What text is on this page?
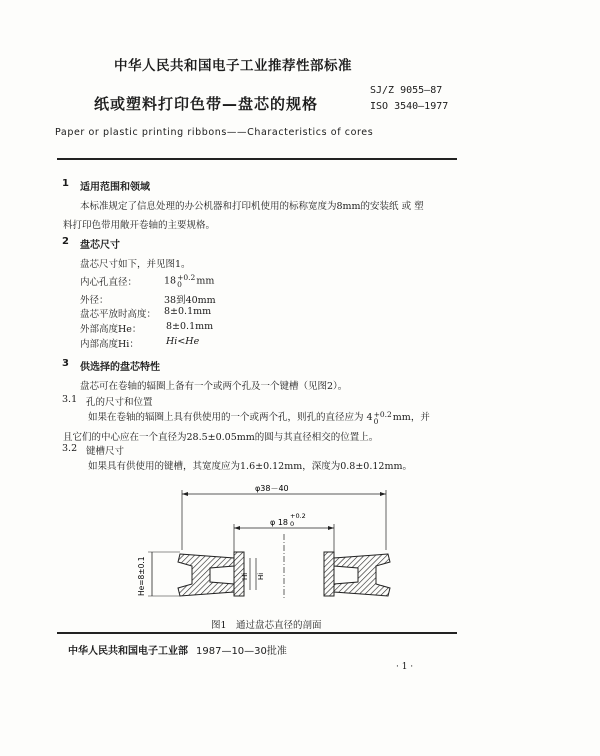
中华人民共和国电子工业推荐性部标准
纸或塑料打印色带—盘芯的规格
SJ/Z 9055—87
ISO 3540—1977
Paper or plastic printing ribbons——Characteristics of cores
1 适用范围和领域
本标准规定了信息处理的办公机器和打印机使用的标称宽度为8mm的安装纸 或 塑
料打印色带用敞开卷轴的主要规格。
2 盘芯尺寸
盘芯尺寸如下，并见图1。
内心孔直径：	18 +0.2
0	mm
外径：	38到40mm
盘芯平放时高度： 8±0.1mm
外部高度He：	8±0.1mm
内部高度Hi：	Hi<He
3 供选择的盘芯特性
盘芯可在卷轴的辐圈上备有一个或两个孔及一个键槽（见图2）。
3.1 孔的尺寸和位置
如果在卷轴的辐圈上具有供使用的一个或两个孔，则孔的直径应为 4 +0.2
0	mm，并
且它们的中心应在一个直径为28.5±0.05mm的圆与其直径相交的位置上。
3.2 键槽尺寸
如果具有供使用的键槽，其宽度应为1.6±0.12mm，深度为0.8±0.12mm。
φ38－40
φ 18
+0.2
0
He=8±0.1	Hi Hi
图1　通过盘芯直径的剖面
中华人民共和国电子工业部 1987—10—30批准
· 1 ·
